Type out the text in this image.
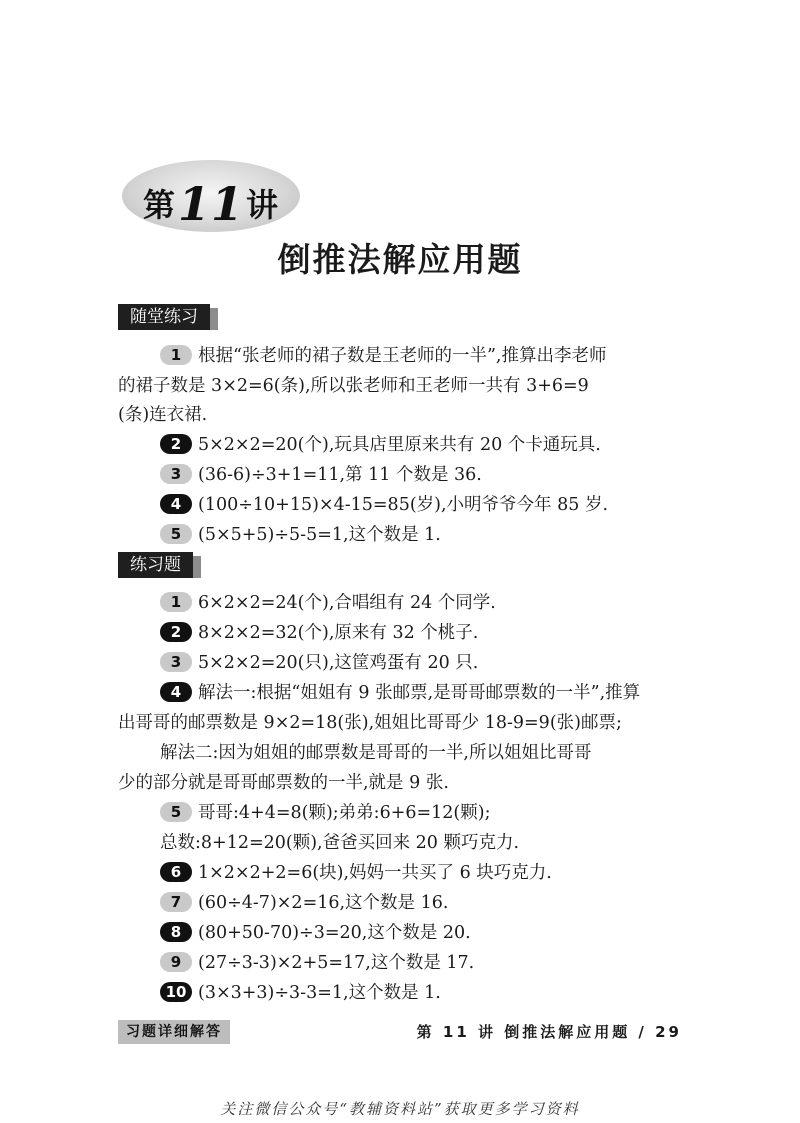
第11讲
倒推法解应用题
随堂练习
1 根据“张老师的裙子数是王老师的一半”,推算出李老师
的裙子数是 3×2=6(条),所以张老师和王老师一共有 3+6=9
(条)连衣裙.
2 5×2×2=20(个),玩具店里原来共有 20 个卡通玩具.
3 (36-6)÷3+1=11,第 11 个数是 36.
4 (100÷10+15)×4-15=85(岁),小明爷爷今年 85 岁.
5 (5×5+5)÷5-5=1,这个数是 1.
练习题
1 6×2×2=24(个),合唱组有 24 个同学.
2 8×2×2=32(个),原来有 32 个桃子.
3 5×2×2=20(只),这筐鸡蛋有 20 只.
4 解法一:根据“姐姐有 9 张邮票,是哥哥邮票数的一半”,推算
出哥哥的邮票数是 9×2=18(张),姐姐比哥哥少 18-9=9(张)邮票;
解法二:因为姐姐的邮票数是哥哥的一半,所以姐姐比哥哥
少的部分就是哥哥邮票数的一半,就是 9 张.
5 哥哥:4+4=8(颗);弟弟:6+6=12(颗);
总数:8+12=20(颗),爸爸买回来 20 颗巧克力.
6 1×2×2+2=6(块),妈妈一共买了 6 块巧克力.
7 (60÷4-7)×2=16,这个数是 16.
8 (80+50-70)÷3=20,这个数是 20.
9 (27÷3-3)×2+5=17,这个数是 17.
10 (3×3+3)÷3-3=1,这个数是 1.
习题详细解答	第 11 讲 倒推法解应用题 / 29
关注微信公众号“教辅资料站”获取更多学习资料
